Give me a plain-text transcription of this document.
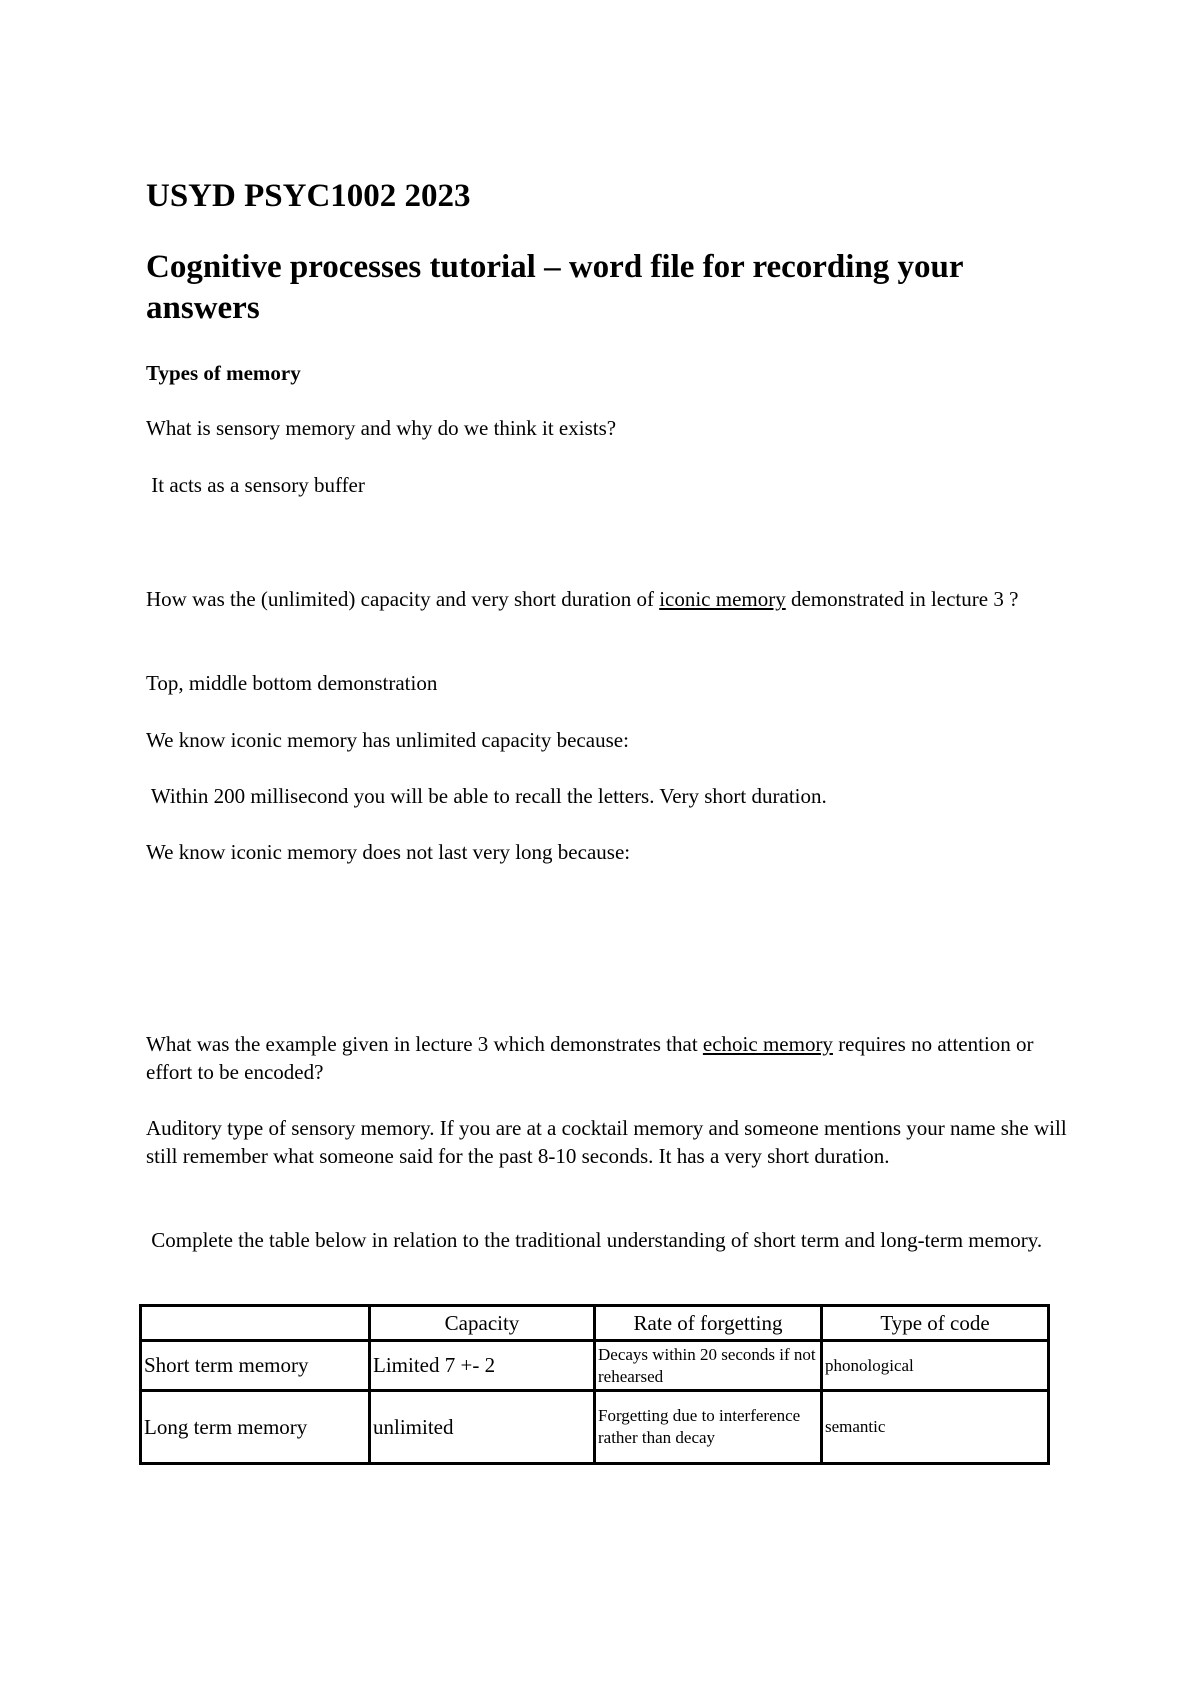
USYD PSYC1002 2023
Cognitive processes tutorial – word file for recording your answers
Types of memory

What is sensory memory and why do we think it exists?

It acts as a sensory buffer

How was the (unlimited) capacity and very short duration of iconic memory demonstrated in lecture 3 ?

Top, middle bottom demonstration

We know iconic memory has unlimited capacity because:

Within 200 millisecond you will be able to recall the letters. Very short duration.

We know iconic memory does not last very long because:

What was the example given in lecture 3 which demonstrates that echoic memory requires no attention or effort to be encoded?

Auditory type of sensory memory. If you are at a cocktail memory and someone mentions your name she will still remember what someone said for the past 8-10 seconds. It has a very short duration.

Complete the table below in relation to the traditional understanding of short term and long-term memory.

	Capacity	Rate of forgetting	Type of code
Short term memory	Limited 7 +- 2	Decays within 20 seconds if not rehearsed	phonological
Long term memory	unlimited	Forgetting due to interference rather than decay	semantic
